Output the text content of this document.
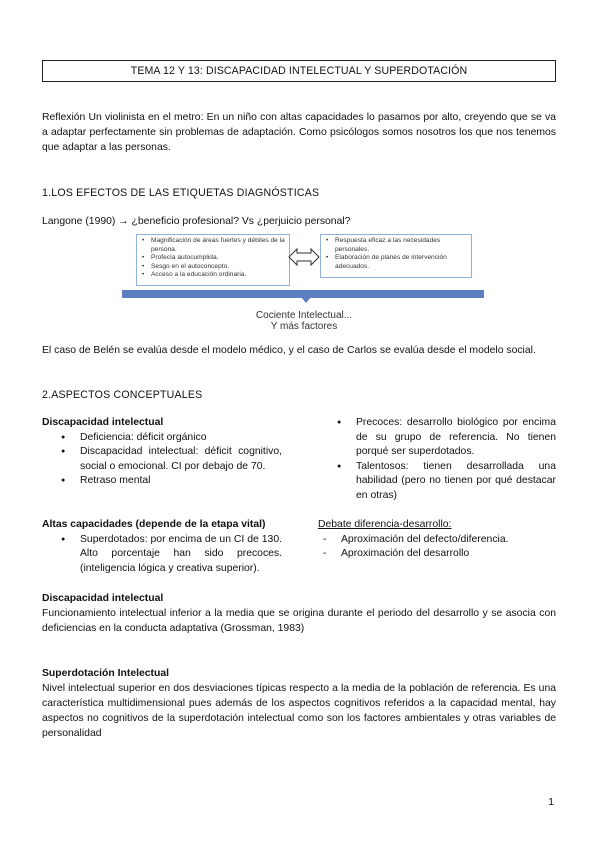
TEMA 12 Y 13: DISCAPACIDAD INTELECTUAL Y SUPERDOTACIÓN
Reflexión Un violinista en el metro: En un niño con altas capacidades lo pasamos por alto, creyendo que se va a adaptar perfectamente sin problemas de adaptación. Como psicólogos somos nosotros los que nos tenemos que adaptar a las personas.
1.LOS EFECTOS DE LAS ETIQUETAS DIAGNÓSTICAS
Langone (1990) → ¿beneficio profesional? Vs ¿perjuicio personal?
• Magnificación de áreas fuertes y débiles de la persona.
• Profecía autocumplida.
• Sesgo en el autoconcepto.
• Acceso a la educación ordinaria.
• Respuesta eficaz a las necesidades personales.
• Elaboración de planes de intervención adecuados.
Cociente Intelectual...
Y más factores
El caso de Belén se evalúa desde el modelo médico, y el caso de Carlos se evalúa desde el modelo social.
2.ASPECTOS CONCEPTUALES
Discapacidad intelectual
● Deficiencia: déficit orgánico
● Discapacidad intelectual: déficit cognitivo, social o emocional. CI por debajo de 70.
● Retraso mental
● Precoces: desarrollo biológico por encima de su grupo de referencia. No tienen porqué ser superdotados.
● Talentosos: tienen desarrollada una habilidad (pero no tienen por qué destacar en otras)
Altas capacidades (depende de la etapa vital)
● Superdotados: por encima de un CI de 130. Alto porcentaje han sido precoces.(inteligencia lógica y creativa superior).
Debate diferencia-desarrollo:
- Aproximación del defecto/diferencia.
- Aproximación del desarrollo
Discapacidad intelectual
Funcionamiento intelectual inferior a la media que se origina durante el periodo del desarrollo y se asocia con deficiencias en la conducta adaptativa (Grossman, 1983)
Superdotación Intelectual
Nivel intelectual superior en dos desviaciones típicas respecto a la media de la población de referencia. Es una característica multidimensional pues además de los aspectos cognitivos referidos a la capacidad mental, hay aspectos no cognitivos de la superdotación intelectual como son los factores ambientales y otras variables de personalidad
1
